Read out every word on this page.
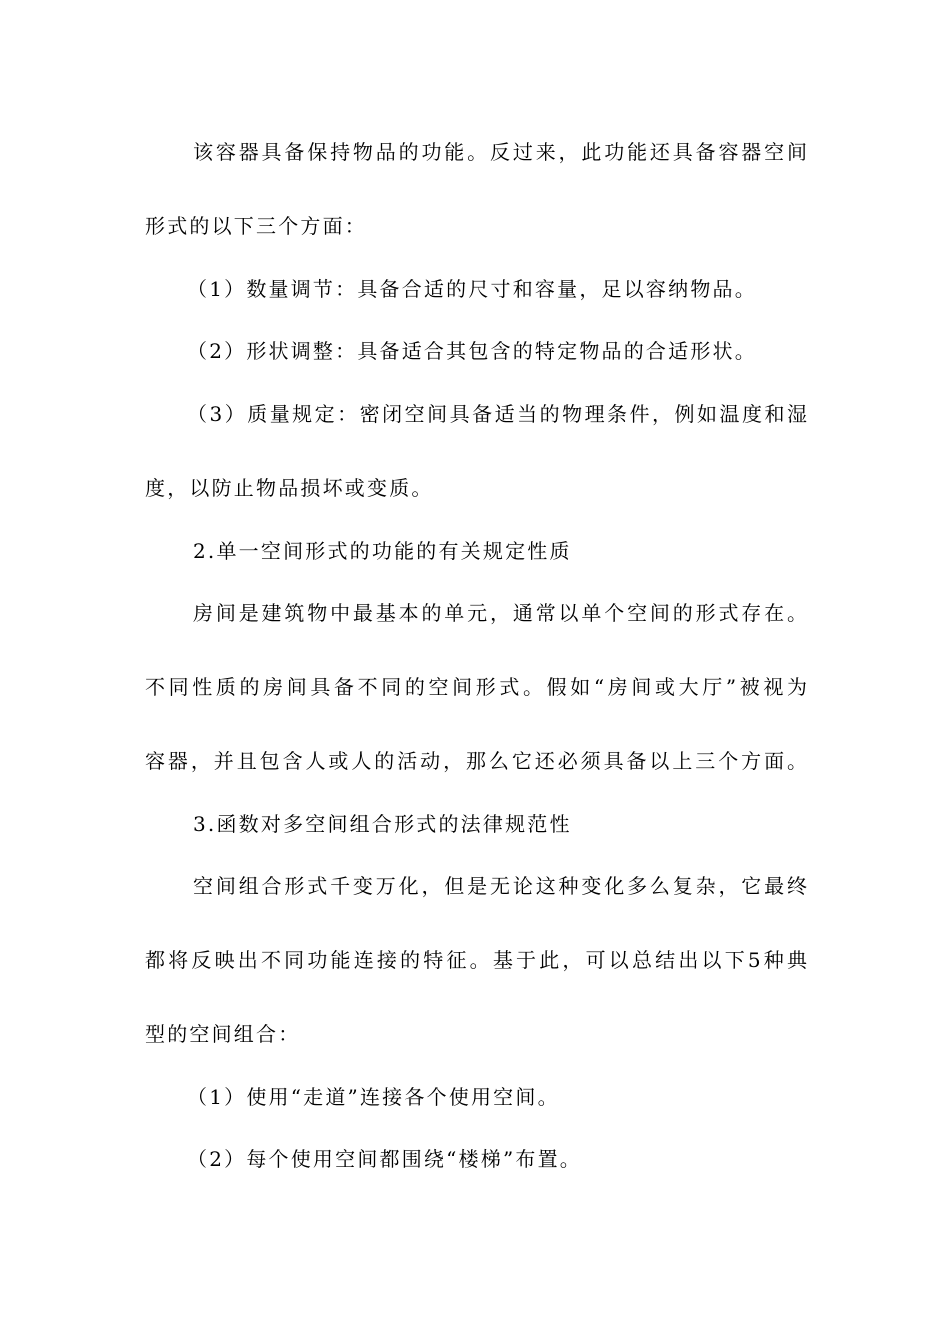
该容器具备保持物品的功能。反过来，此功能还具备容器空间
形式的以下三个方面：
（1）数量调节：具备合适的尺寸和容量，足以容纳物品。
（2）形状调整：具备适合其包含的特定物品的合适形状。
（3）质量规定：密闭空间具备适当的物理条件，例如温度和湿
度，以防止物品损坏或变质。
2.单一空间形式的功能的有关规定性质
房间是建筑物中最基本的单元，通常以单个空间的形式存在。
不同性质的房间具备不同的空间形式。假如“房间或大厅”被视为
容器，并且包含人或人的活动，那么它还必须具备以上三个方面。
3.函数对多空间组合形式的法律规范性
空间组合形式千变万化，但是无论这种变化多么复杂，它最终
都将反映出不同功能连接的特征。基于此，可以总结出以下5种典
型的空间组合：
（1）使用“走道”连接各个使用空间。
（2）每个使用空间都围绕“楼梯”布置。
